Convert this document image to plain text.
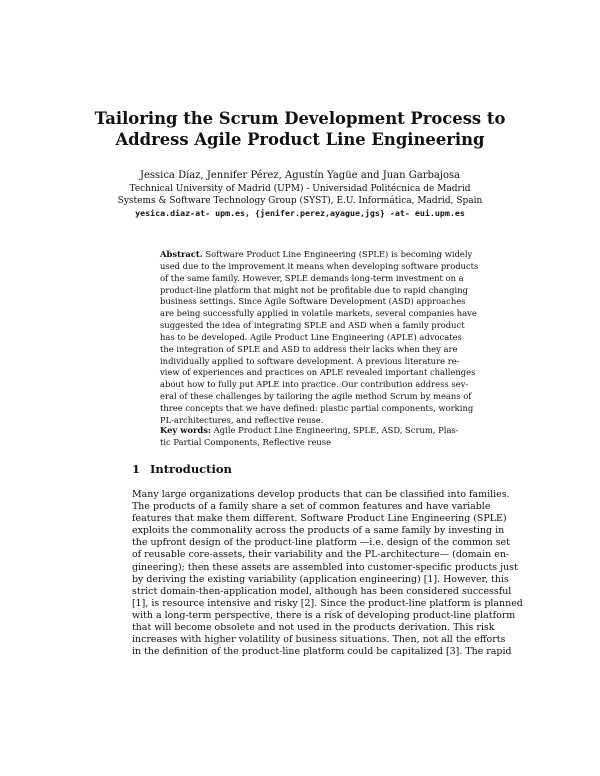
Tailoring the Scrum Development Process to
Address Agile Product Line Engineering
Jessica Díaz, Jennifer Pérez, Agustín Yagüe and Juan Garbajosa
Technical University of Madrid (UPM) - Universidad Politécnica de Madrid
Systems & Software Technology Group (SYST), E.U. Informática, Madrid, Spain
yesica.diaz-at- upm.es, {jenifer.perez,ayague,jgs} -at- eui.upm.es
Abstract. Software Product Line Engineering (SPLE) is becoming widely
used due to the improvement it means when developing software products
of the same family. However, SPLE demands long-term investment on a
product-line platform that might not be profitable due to rapid changing
business settings. Since Agile Software Development (ASD) approaches
are being successfully applied in volatile markets, several companies have
suggested the idea of integrating SPLE and ASD when a family product
has to be developed. Agile Product Line Engineering (APLE) advocates
the integration of SPLE and ASD to address their lacks when they are
individually applied to software development. A previous literature re-
view of experiences and practices on APLE revealed important challenges
about how to fully put APLE into practice. Our contribution address sev-
eral of these challenges by tailoring the agile method Scrum by means of
three concepts that we have defined: plastic partial components, working
PL-architectures, and reflective reuse.
Key words: Agile Product Line Engineering, SPLE, ASD, Scrum, Plas-
tic Partial Components, Reflective reuse
1 Introduction
Many large organizations develop products that can be classified into families.
The products of a family share a set of common features and have variable
features that make them different. Software Product Line Engineering (SPLE)
exploits the commonality across the products of a same family by investing in
the upfront design of the product-line platform —i.e. design of the common set
of reusable core-assets, their variability and the PL-architecture— (domain en-
gineering); then these assets are assembled into customer-specific products just
by deriving the existing variability (application engineering) [1]. However, this
strict domain-then-application model, although has been considered successful
[1], is resource intensive and risky [2]. Since the product-line platform is planned
with a long-term perspective, there is a risk of developing product-line platform
that will become obsolete and not used in the products derivation. This risk
increases with higher volatility of business situations. Then, not all the efforts
in the definition of the product-line platform could be capitalized [3]. The rapid
